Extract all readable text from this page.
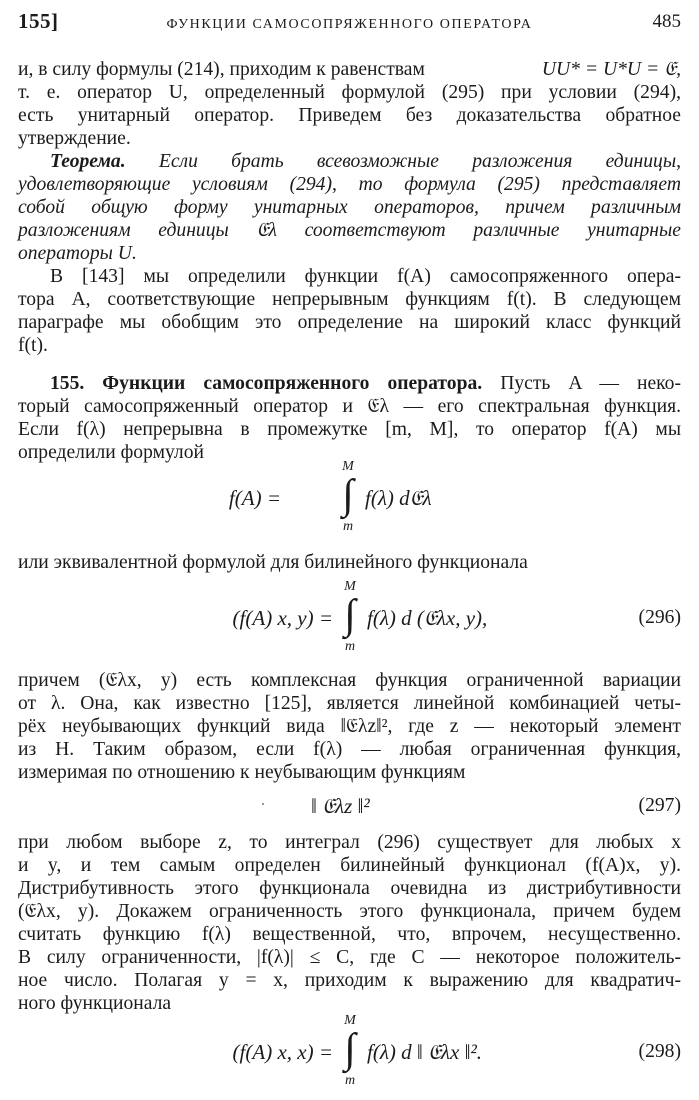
155]	ФУНКЦИИ САМОСОПРЯЖЕННОГО ОПЕРАТОРА	485
и, в силу формулы (214), приходим к равенствам	UU* = U*U = 𝔈,
т. е. оператор U, определенный формулой (295) при условии (294),
есть унитарный оператор. Приведем без доказательства обратное
утверждение.
Теорема. Если брать всевозможные разложения единицы,
удовлетворяющие условиям (294), то формула (295) представляет
собой общую форму унитарных операторов, причем различным
разложениям единицы 𝔈λ соответствуют различные унитарные
операторы U.
В [143] мы определили функции f(A) самосопряженного опера-
тора A, соответствующие непрерывным функциям f(t). В следующем
параграфе мы обобщим это определение на широкий класс функций
f(t).
155. Функции самосопряженного оператора. Пусть A — неко-
торый самосопряженный оператор и 𝔈λ — его спектральная функция.
Если f(λ) непрерывна в промежутке [m, M], то оператор f(A) мы
определили формулой
f(A) =
M
∫
m
f(λ) d𝔈λ
или эквивалентной формулой для билинейного функционала
(f(A) x, y) =
M
∫
m
f(λ) d (𝔈λx, y),	(296)
причем (𝔈λx, y) есть комплексная функция ограниченной вариации
от λ. Она, как известно [125], является линейной комбинацией четы-
рёх неубывающих функций вида ‖𝔈λz‖², где z — некоторый элемент
из H. Таким образом, если f(λ) — любая ограниченная функция,
измеримая по отношению к неубывающим функциям
‖ 𝔈λz ‖²	(297)
при любом выборе z, то интеграл (296) существует для любых x
и y, и тем самым определен билинейный функционал (f(A)x, y).
Дистрибутивность этого функционала очевидна из дистрибутивности
(𝔈λx, y). Докажем ограниченность этого функционала, причем будем
считать функцию f(λ) вещественной, что, впрочем, несущественно.
В силу ограниченности, |f(λ)| ≤ C, где C — некоторое положитель-
ное число. Полагая y = x, приходим к выражению для квадратич-
ного функционала
(f(A) x, x) =
M
∫
m
f(λ) d ‖ 𝔈λx ‖².	(298)
